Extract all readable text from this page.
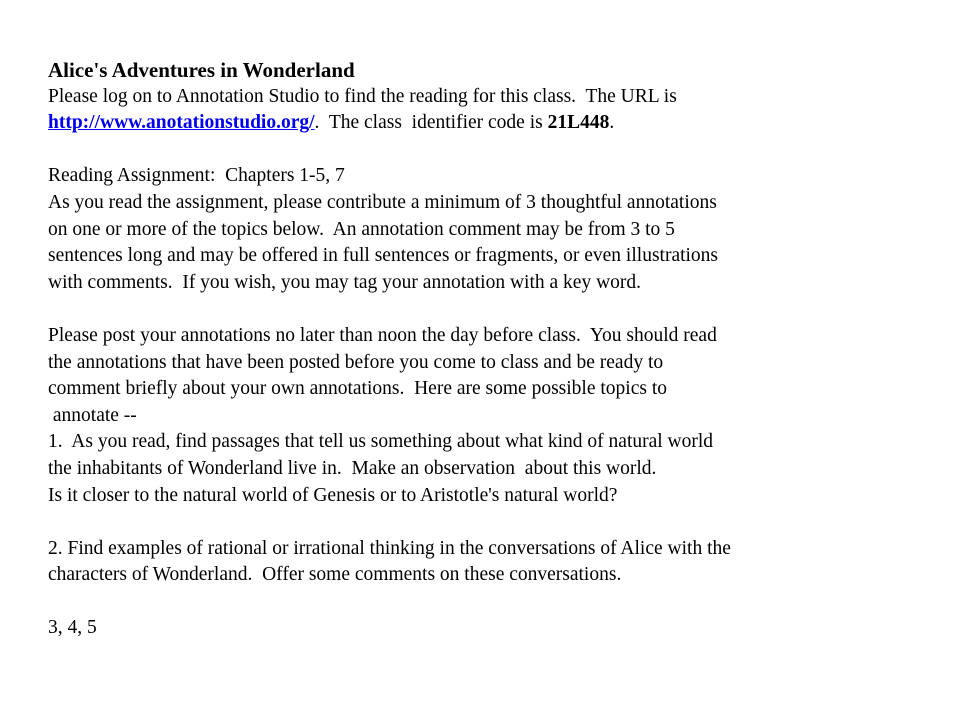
Alice's Adventures in Wonderland
Please log on to Annotation Studio to find the reading for this class.  The URL is
http://www.anotationstudio.org/.  The class  identifier code is 21L448.
Reading Assignment:  Chapters 1-5, 7
As you read the assignment, please contribute a minimum of 3 thoughtful annotations
on one or more of the topics below.  An annotation comment may be from 3 to 5
sentences long and may be offered in full sentences or fragments, or even illustrations
with comments.  If you wish, you may tag your annotation with a key word.
Please post your annotations no later than noon the day before class.  You should read
the annotations that have been posted before you come to class and be ready to
comment briefly about your own annotations.  Here are some possible topics to
annotate --
1.  As you read, find passages that tell us something about what kind of natural world
the inhabitants of Wonderland live in.  Make an observation  about this world.
Is it closer to the natural world of Genesis or to Aristotle's natural world?
2. Find examples of rational or irrational thinking in the conversations of Alice with the
characters of Wonderland.  Offer some comments on these conversations.
3, 4, 5
